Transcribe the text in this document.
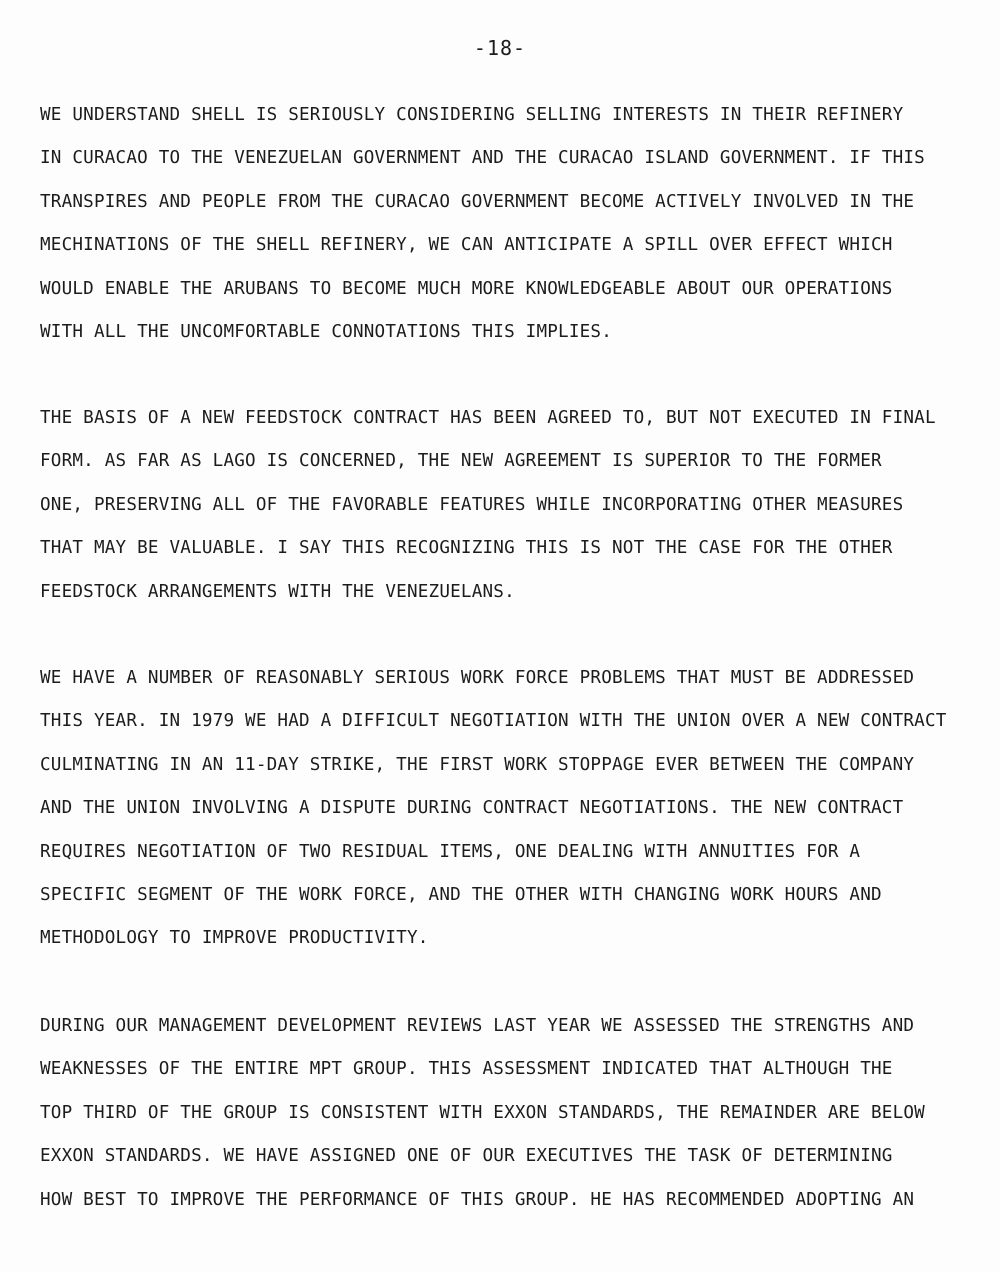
-18-
WE UNDERSTAND SHELL IS SERIOUSLY CONSIDERING SELLING INTERESTS IN THEIR REFINERY
IN CURACAO TO THE VENEZUELAN GOVERNMENT AND THE CURACAO ISLAND GOVERNMENT. IF THIS
TRANSPIRES AND PEOPLE FROM THE CURACAO GOVERNMENT BECOME ACTIVELY INVOLVED IN THE
MECHINATIONS OF THE SHELL REFINERY, WE CAN ANTICIPATE A SPILL OVER EFFECT WHICH
WOULD ENABLE THE ARUBANS TO BECOME MUCH MORE KNOWLEDGEABLE ABOUT OUR OPERATIONS
WITH ALL THE UNCOMFORTABLE CONNOTATIONS THIS IMPLIES.
THE BASIS OF A NEW FEEDSTOCK CONTRACT HAS BEEN AGREED TO, BUT NOT EXECUTED IN FINAL
FORM. AS FAR AS LAGO IS CONCERNED, THE NEW AGREEMENT IS SUPERIOR TO THE FORMER
ONE, PRESERVING ALL OF THE FAVORABLE FEATURES WHILE INCORPORATING OTHER MEASURES
THAT MAY BE VALUABLE. I SAY THIS RECOGNIZING THIS IS NOT THE CASE FOR THE OTHER
FEEDSTOCK ARRANGEMENTS WITH THE VENEZUELANS.
WE HAVE A NUMBER OF REASONABLY SERIOUS WORK FORCE PROBLEMS THAT MUST BE ADDRESSED
THIS YEAR. IN 1979 WE HAD A DIFFICULT NEGOTIATION WITH THE UNION OVER A NEW CONTRACT
CULMINATING IN AN 11-DAY STRIKE, THE FIRST WORK STOPPAGE EVER BETWEEN THE COMPANY
AND THE UNION INVOLVING A DISPUTE DURING CONTRACT NEGOTIATIONS. THE NEW CONTRACT
REQUIRES NEGOTIATION OF TWO RESIDUAL ITEMS, ONE DEALING WITH ANNUITIES FOR A
SPECIFIC SEGMENT OF THE WORK FORCE, AND THE OTHER WITH CHANGING WORK HOURS AND
METHODOLOGY TO IMPROVE PRODUCTIVITY.
DURING OUR MANAGEMENT DEVELOPMENT REVIEWS LAST YEAR WE ASSESSED THE STRENGTHS AND
WEAKNESSES OF THE ENTIRE MPT GROUP. THIS ASSESSMENT INDICATED THAT ALTHOUGH THE
TOP THIRD OF THE GROUP IS CONSISTENT WITH EXXON STANDARDS, THE REMAINDER ARE BELOW
EXXON STANDARDS. WE HAVE ASSIGNED ONE OF OUR EXECUTIVES THE TASK OF DETERMINING
HOW BEST TO IMPROVE THE PERFORMANCE OF THIS GROUP. HE HAS RECOMMENDED ADOPTING AN
